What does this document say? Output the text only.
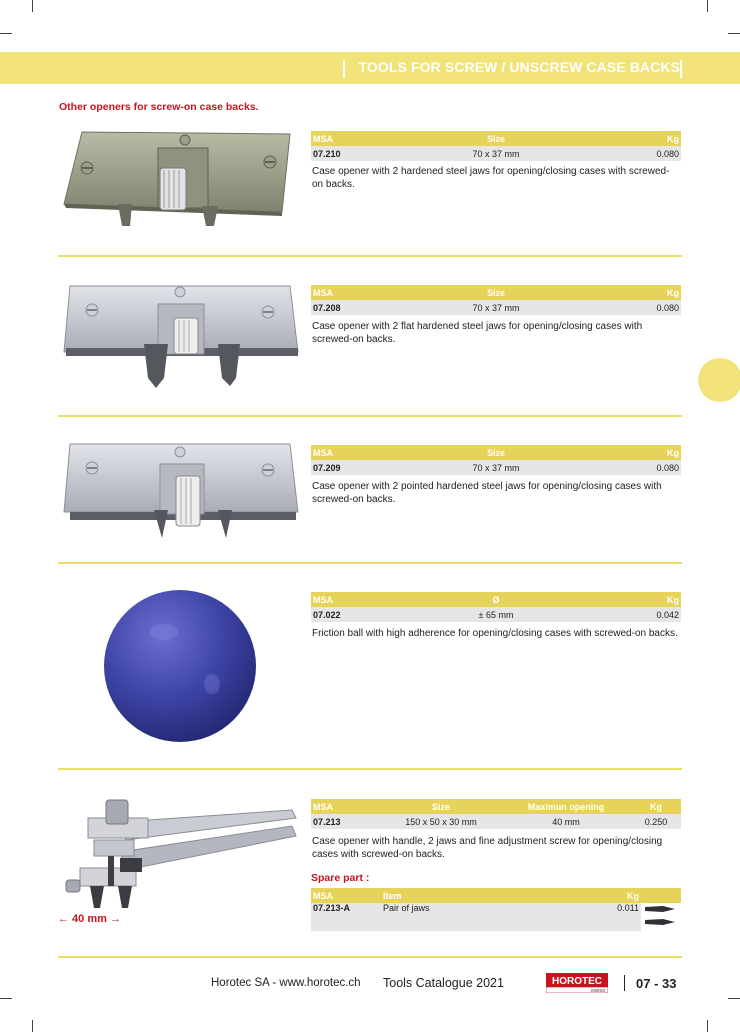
TOOLS FOR SCREW / UNSCREW CASE BACKS
Other openers for screw-on case backs.
MSA	Size	Kg
07.210	70 x 37 mm	0.080
Case opener with 2 hardened steel jaws for opening/closing cases with screwed-on backs.
MSA	Size	Kg
07.208	70 x 37 mm	0.080
Case opener with 2 flat hardened steel jaws for opening/closing cases with screwed-on backs.
MSA	Size	Kg
07.209	70 x 37 mm	0.080
Case opener with 2 pointed hardened steel jaws for opening/closing cases with screwed-on backs.
MSA	Ø	Kg
07.022	± 65 mm	0.042
Friction ball with high adherence for opening/closing cases with screwed-on backs.
← 40 mm →
MSA	Size	Maximun opening	Kg
07.213	150 x 50 x 30 mm	40 mm	0.250
Case opener with handle, 2 jaws and fine adjustment screw for opening/closing cases with screwed-on backs.
Spare part :
MSA	Item	Kg	
07.213-A	Pair of jaws	0.011	
Horotec SA - www.horotec.ch Tools Catalogue 2021	HOROTEC
SWISS 07 - 33
